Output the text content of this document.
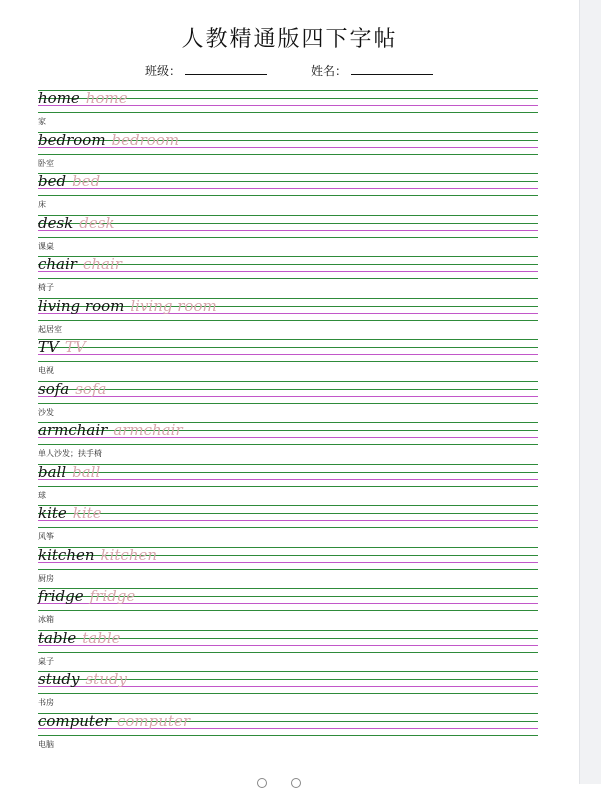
人教精通版四下字帖
班级：	姓名：
home home
家
bedroom bedroom
卧室
bed bed
床
desk desk
课桌
chair chair
椅子
living room living room
起居室
TV TV
电视
sofa sofa
沙发
armchair armchair
单人沙发；扶手椅
ball ball
球
kite kite
风筝
kitchen kitchen
厨房
fridge fridge
冰箱
table table
桌子
study study
书房
computer computer
电脑
